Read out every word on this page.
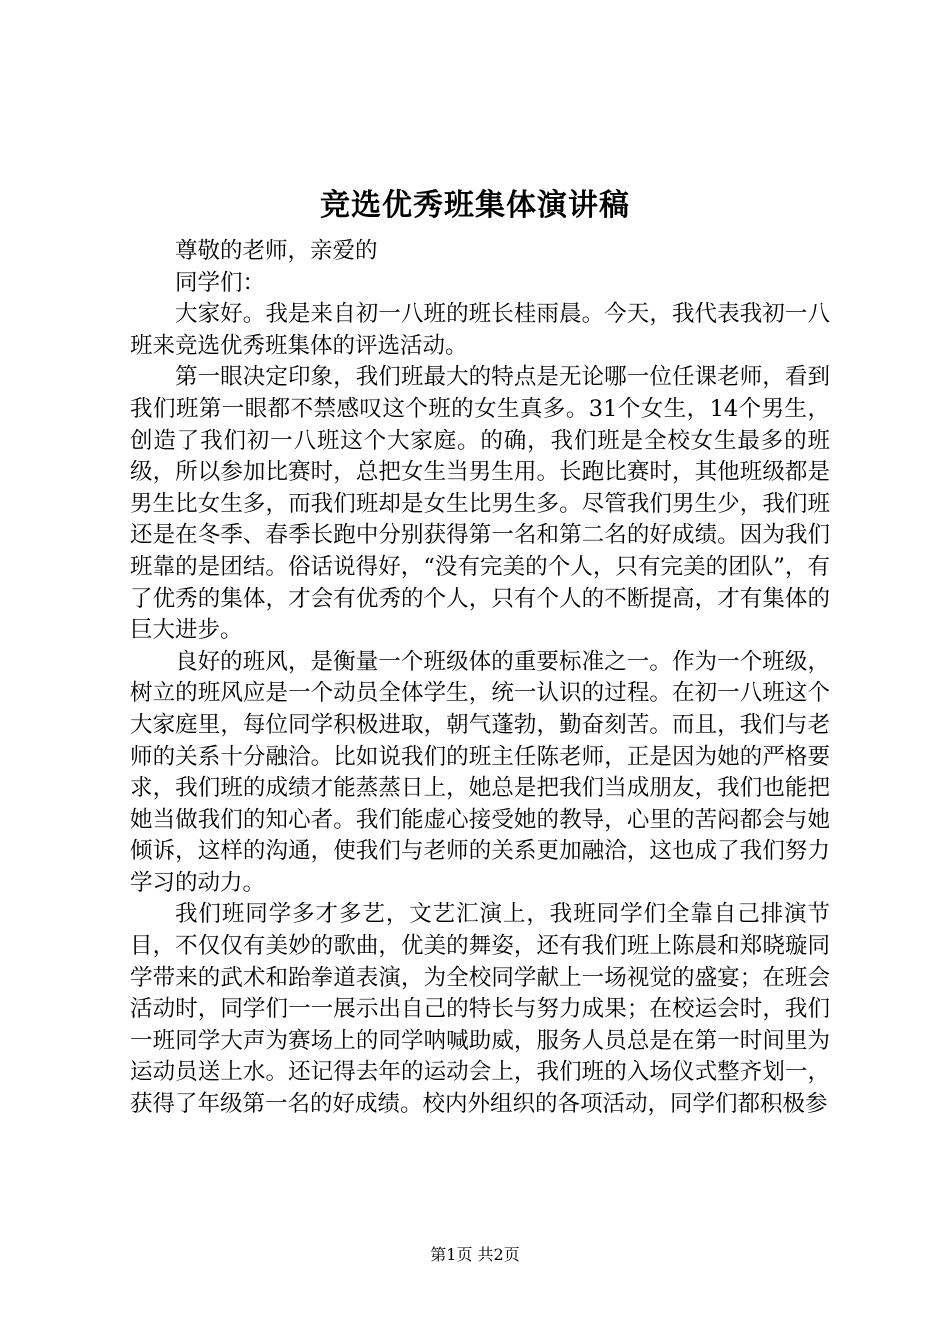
竞选优秀班集体演讲稿

尊敬的老师，亲爱的

同学们：

大家好。我是来自初一八班的班长桂雨晨。今天，我代表我初一八班来竞选优秀班集体的评选活动。

第一眼决定印象，我们班最大的特点是无论哪一位任课老师，看到我们班第一眼都不禁感叹这个班的女生真多。31个女生，14个男生，创造了我们初一八班这个大家庭。的确，我们班是全校女生最多的班级，所以参加比赛时，总把女生当男生用。长跑比赛时，其他班级都是男生比女生多，而我们班却是女生比男生多。尽管我们男生少，我们班还是在冬季、春季长跑中分别获得第一名和第二名的好成绩。因为我们班靠的是团结。俗话说得好，“没有完美的个人，只有完美的团队”，有了优秀的集体，才会有优秀的个人，只有个人的不断提高，才有集体的巨大进步。

良好的班风，是衡量一个班级体的重要标准之一。作为一个班级，树立的班风应是一个动员全体学生，统一认识的过程。在初一八班这个大家庭里，每位同学积极进取，朝气蓬勃，勤奋刻苦。而且，我们与老师的关系十分融洽。比如说我们的班主任陈老师，正是因为她的严格要求，我们班的成绩才能蒸蒸日上，她总是把我们当成朋友，我们也能把她当做我们的知心者。我们能虚心接受她的教导，心里的苦闷都会与她倾诉，这样的沟通，使我们与老师的关系更加融洽，这也成了我们努力学习的动力。

我们班同学多才多艺，文艺汇演上，我班同学们全靠自己排演节目，不仅仅有美妙的歌曲，优美的舞姿，还有我们班上陈晨和郑晓璇同学带来的武术和跆拳道表演，为全校同学献上一场视觉的盛宴；在班会活动时，同学们一一展示出自己的特长与努力成果；在校运会时，我们一班同学大声为赛场上的同学呐喊助威，服务人员总是在第一时间里为运动员送上水。还记得去年的运动会上，我们班的入场仪式整齐划一，获得了年级第一名的好成绩。校内外组织的各项活动，同学们都积极参

第1页 共2页
